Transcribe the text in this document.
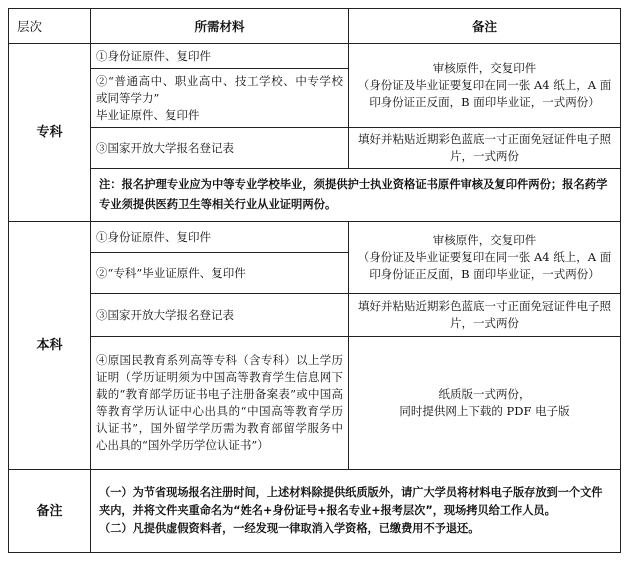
层次	所需材料	备注
专科	①身份证原件、复印件	审核原件，交复印件
（身份证及毕业证要复印在同一张 A4 纸上，A 面印身份证正反面，B 面印毕业证，一式两份）

	②“普通高中、职业高中、技工学校、中专学校或同等学力”
毕业证原件、复印件	

	③国家开放大学报名登记表	填好并粘贴近期彩色蓝底一寸正面免冠证件电子照片，一式两份
	注：报名护理专业应为中等专业学校毕业，须提供护士执业资格证书原件审核及复印件两份；报名药学专业须提供医药卫生等相关行业从业证明两份。	
本科	①身份证原件、复印件	审核原件，交复印件
（身份证及毕业证要复印在同一张 A4 纸上，A 面印身份证正反面，B 面印毕业证，一式两份）

	②“专科”毕业证原件、复印件	
	③国家开放大学报名登记表	填好并粘贴近期彩色蓝底一寸正面免冠证件电子照片，一式两份
	④原国民教育系列高等专科（含专科）以上学历证明（学历证明须为中国高等教育学生信息网下载的“教育部学历证书电子注册备案表”或中国高等教育学历认证中心出具的“中国高等教育学历认证书”，国外留学学历需为教育部留学服务中心出具的“国外学历学位认证书”）	纸质版一式两份，
同时提供网上下载的 PDF 电子版

备注	（一）为节省现场报名注册时间，上述材料除提供纸质版外，请广大学员将材料电子版存放到一个文件夹内，并将文件夹重命名为“姓名+身份证号+报名专业+报考层次”，现场拷贝给工作人员。
（二）凡提供虚假资料者，一经发现一律取消入学资格，已缴费用不予退还。	
